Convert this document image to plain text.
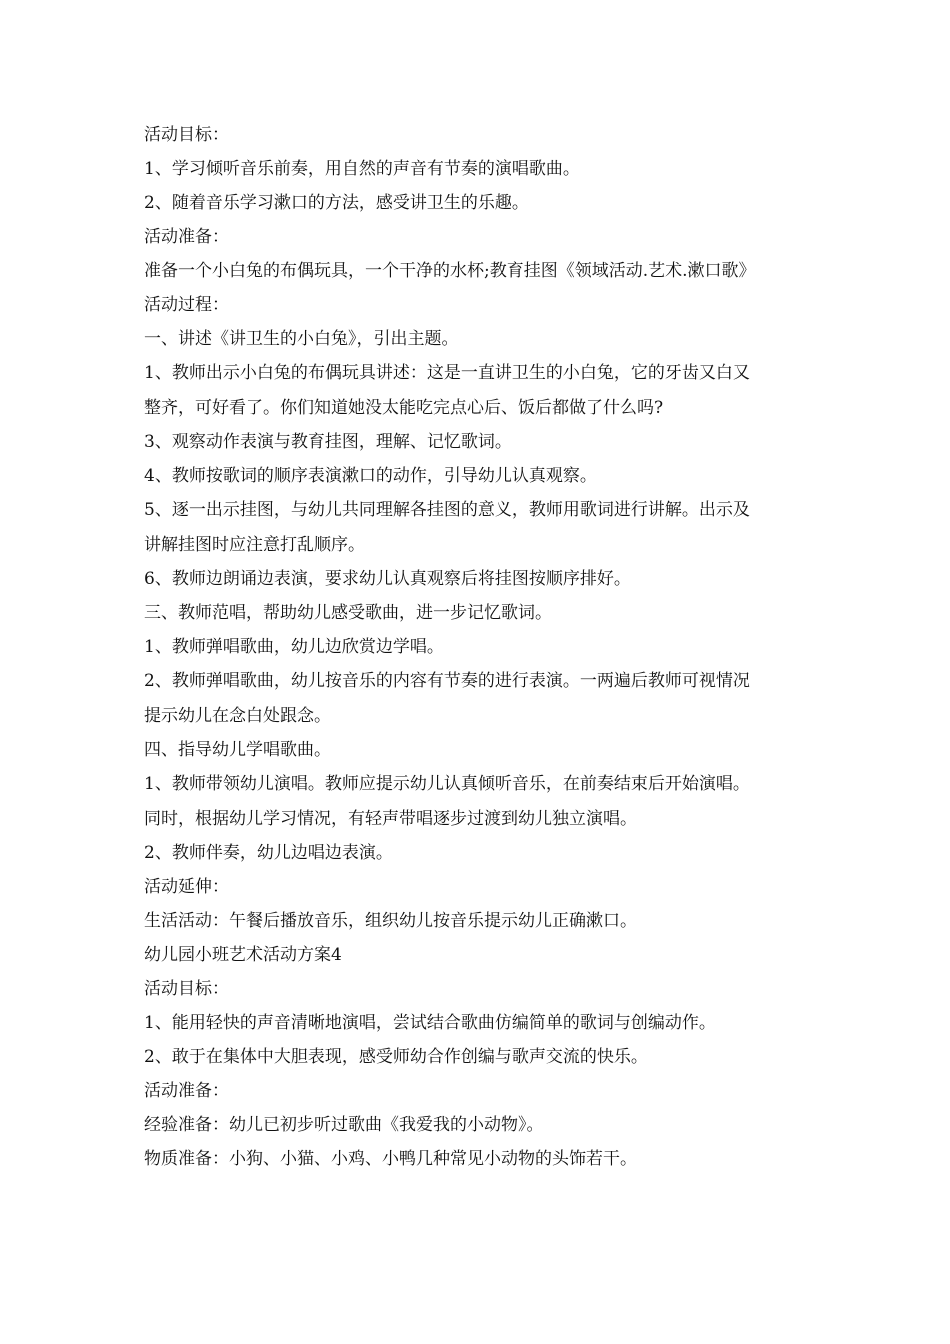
活动目标：
1、学习倾听音乐前奏，用自然的声音有节奏的演唱歌曲。
2、随着音乐学习漱口的方法，感受讲卫生的乐趣。
活动准备：
准备一个小白兔的布偶玩具，一个干净的水杯;教育挂图《领域活动.艺术.漱口歌》
活动过程：
一、讲述《讲卫生的小白兔》，引出主题。
1、教师出示小白兔的布偶玩具讲述：这是一直讲卫生的小白兔，它的牙齿又白又
整齐，可好看了。你们知道她没太能吃完点心后、饭后都做了什么吗?
3、观察动作表演与教育挂图，理解、记忆歌词。
4、教师按歌词的顺序表演漱口的动作，引导幼儿认真观察。
5、逐一出示挂图，与幼儿共同理解各挂图的意义，教师用歌词进行讲解。出示及
讲解挂图时应注意打乱顺序。
6、教师边朗诵边表演，要求幼儿认真观察后将挂图按顺序排好。
三、教师范唱，帮助幼儿感受歌曲，进一步记忆歌词。
1、教师弹唱歌曲，幼儿边欣赏边学唱。
2、教师弹唱歌曲，幼儿按音乐的内容有节奏的进行表演。一两遍后教师可视情况
提示幼儿在念白处跟念。
四、指导幼儿学唱歌曲。
1、教师带领幼儿演唱。教师应提示幼儿认真倾听音乐，在前奏结束后开始演唱。
同时，根据幼儿学习情况，有轻声带唱逐步过渡到幼儿独立演唱。
2、教师伴奏，幼儿边唱边表演。
活动延伸：
生活活动：午餐后播放音乐，组织幼儿按音乐提示幼儿正确漱口。
幼儿园小班艺术活动方案4
活动目标：
1、能用轻快的声音清晰地演唱，尝试结合歌曲仿编简单的歌词与创编动作。
2、敢于在集体中大胆表现，感受师幼合作创编与歌声交流的快乐。
活动准备：
经验准备：幼儿已初步听过歌曲《我爱我的小动物》。
物质准备：小狗、小猫、小鸡、小鸭几种常见小动物的头饰若干。
